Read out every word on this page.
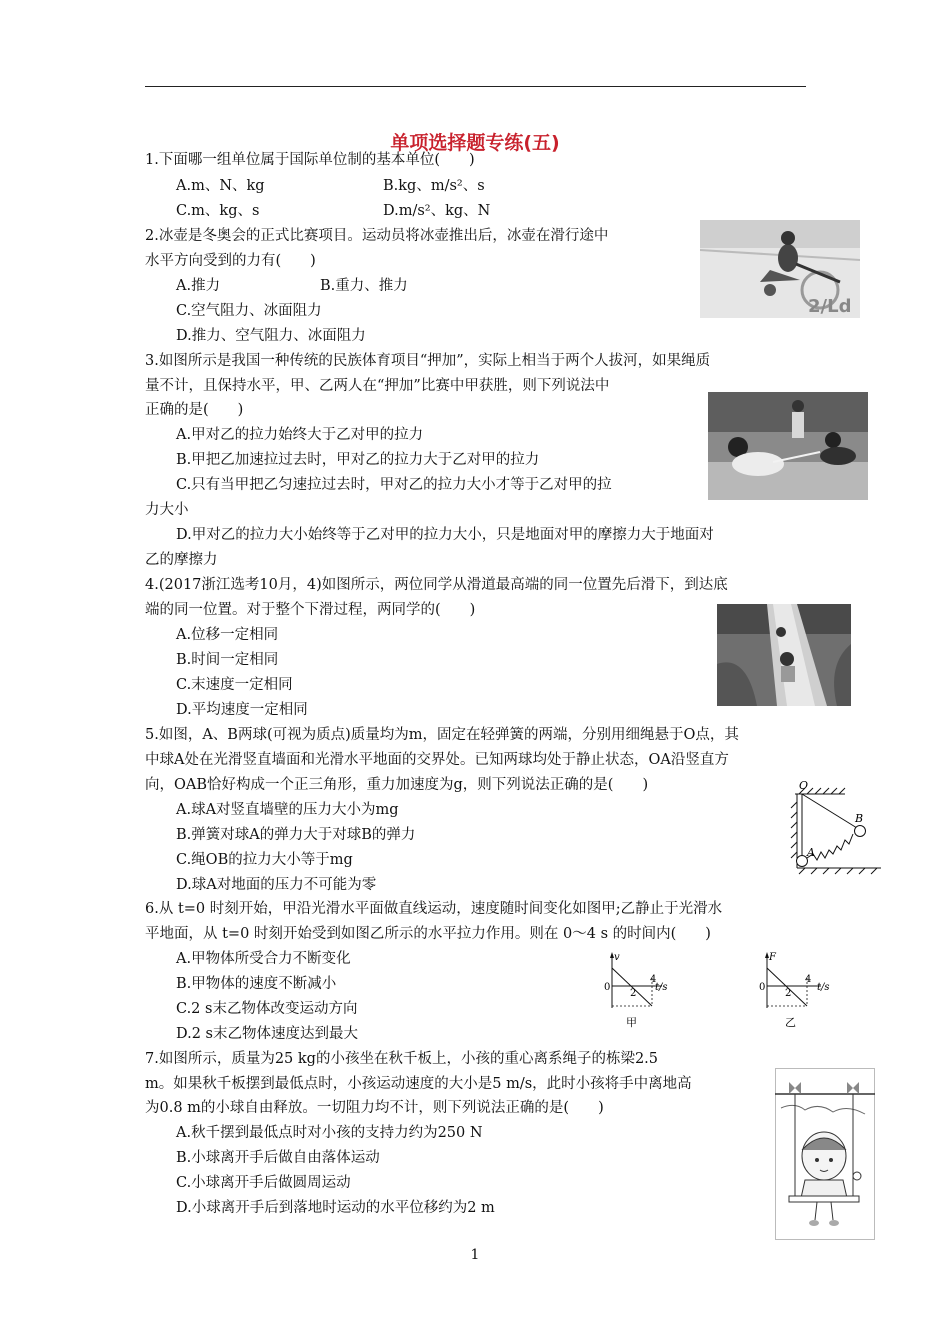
单项选择题专练(五)
1.下面哪一组单位属于国际单位制的基本单位(　　)
A.m、N、kg	B.kg、m/s²、s
C.m、kg、s	D.m/s²、kg、N
2.冰壶是冬奥会的正式比赛项目。运动员将冰壶推出后，冰壶在滑行途中
水平方向受到的力有(　　)
A.推力	B.重力、推力
C.空气阻力、冰面阻力
D.推力、空气阻力、冰面阻力
2/Ld
3.如图所示是我国一种传统的民族体育项目“押加”，实际上相当于两个人拔河，如果绳质
量不计，且保持水平，甲、乙两人在“押加”比赛中甲获胜，则下列说法中
正确的是(　　)
A.甲对乙的拉力始终大于乙对甲的拉力
B.甲把乙加速拉过去时，甲对乙的拉力大于乙对甲的拉力
C.只有当甲把乙匀速拉过去时，甲对乙的拉力大小才等于乙对甲的拉
力大小
D.甲对乙的拉力大小始终等于乙对甲的拉力大小，只是地面对甲的摩擦力大于地面对
乙的摩擦力
4.(2017浙江选考10月，4)如图所示，两位同学从滑道最高端的同一位置先后滑下，到达底
端的同一位置。对于整个下滑过程，两同学的(　　)
A.位移一定相同
B.时间一定相同
C.末速度一定相同
D.平均速度一定相同
5.如图，A、B两球(可视为质点)质量均为m，固定在轻弹簧的两端，分别用细绳悬于O点，其
中球A处在光滑竖直墙面和光滑水平地面的交界处。已知两球均处于静止状态，OA沿竖直方
向，OAB恰好构成一个正三角形，重力加速度为g，则下列说法正确的是(　　)
A.球A对竖直墙壁的压力大小为mg
B.弹簧对球A的弹力大于对球B的弹力
C.绳OB的拉力大小等于mg
D.球A对地面的压力不可能为零
O
A
B
6.从 t=0 时刻开始，甲沿光滑水平面做直线运动，速度随时间变化如图甲;乙静止于光滑水
平地面，从 t=0 时刻开始受到如图乙所示的水平拉力作用。则在 0～4 s 的时间内(　　)
A.甲物体所受合力不断变化
B.甲物体的速度不断减小
C.2 s末乙物体改变运动方向
D.2 s末乙物体速度达到最大
v
0
2
4
t/s
甲
F
0
2
4
t/s
乙
7.如图所示，质量为25 kg的小孩坐在秋千板上，小孩的重心离系绳子的栋梁2.5
m。如果秋千板摆到最低点时，小孩运动速度的大小是5 m/s，此时小孩将手中离地高
为0.8 m的小球自由释放。一切阻力均不计，则下列说法正确的是(　　)
A.秋千摆到最低点时对小孩的支持力约为250 N
B.小球离开手后做自由落体运动
C.小球离开手后做圆周运动
D.小球离开手后到落地时运动的水平位移约为2 m
1
